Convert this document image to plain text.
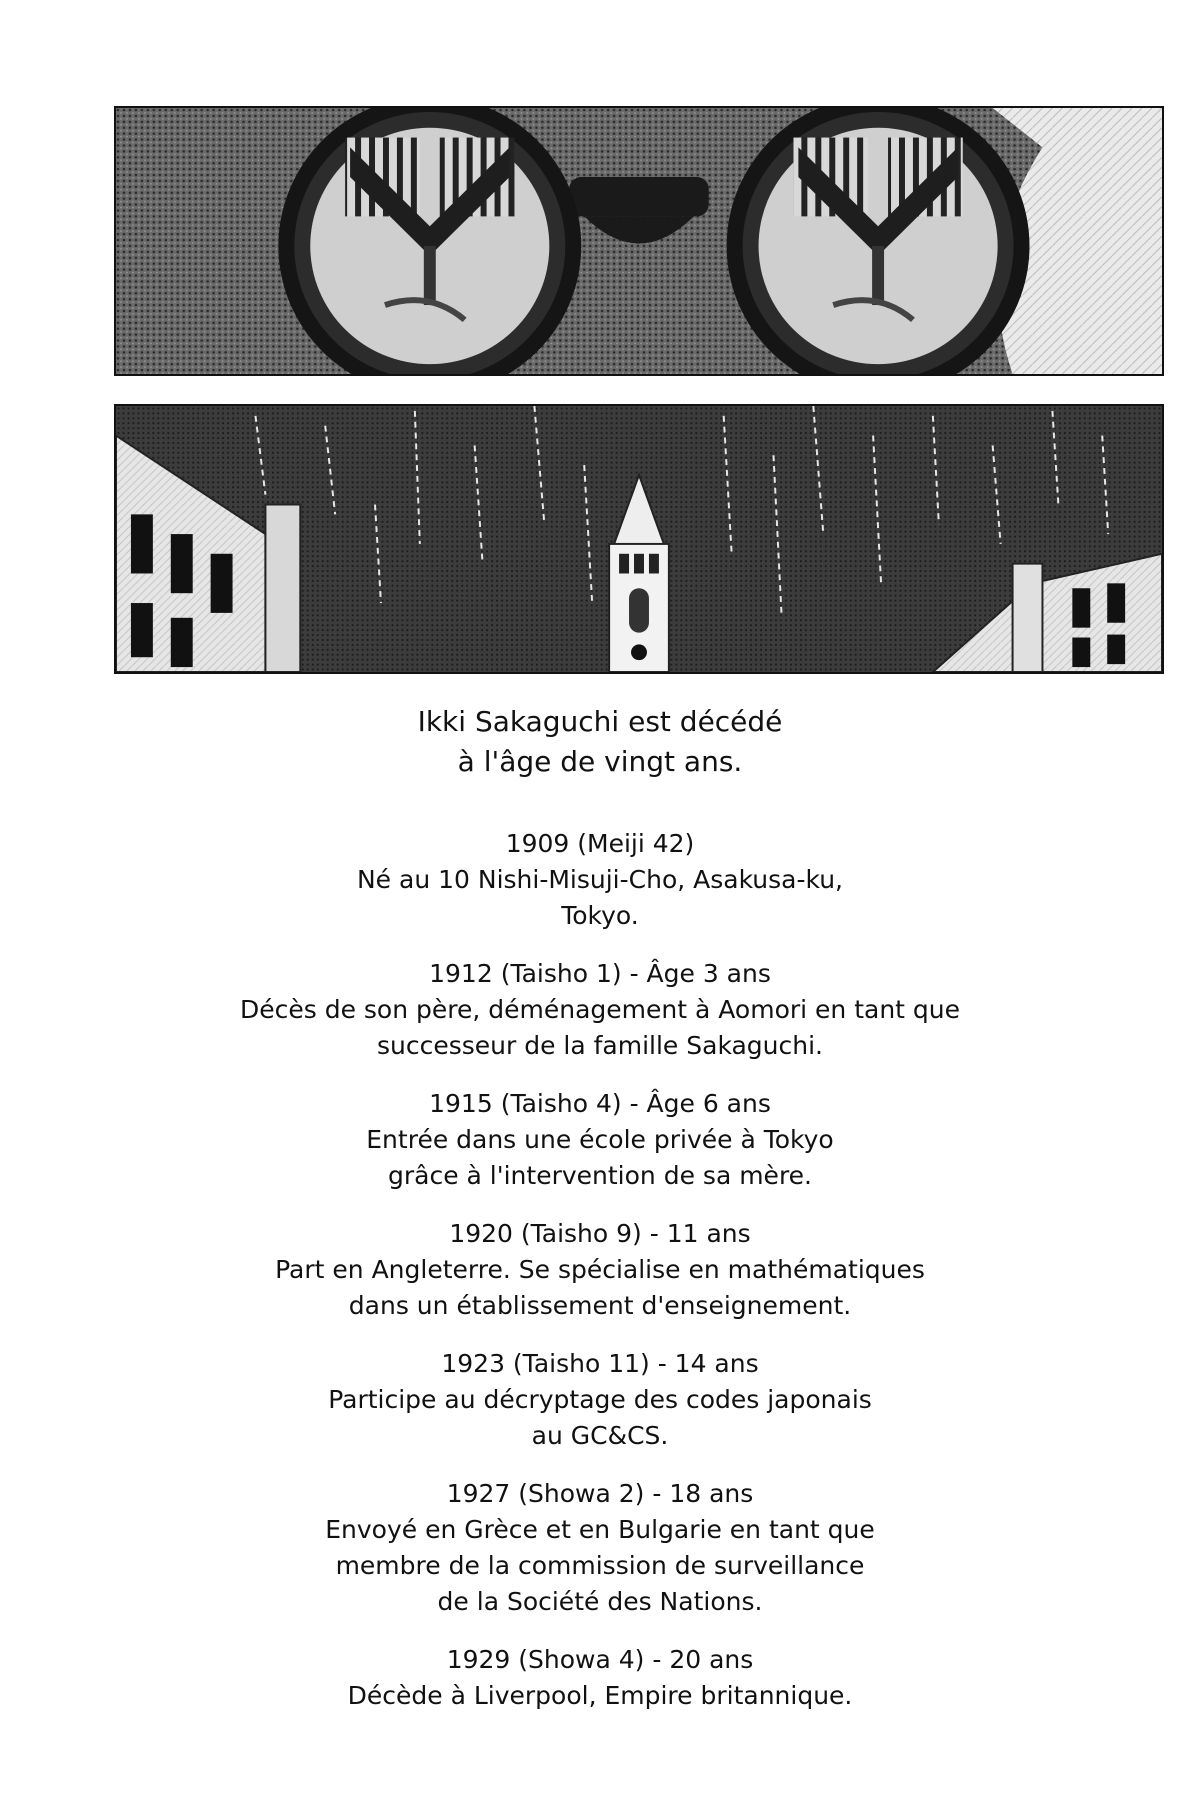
Ikki Sakaguchi est décédé
à l'âge de vingt ans.
1909 (Meiji 42)
Né au 10 Nishi-Misuji-Cho, Asakusa-ku,
Tokyo.
1912 (Taisho 1) - Âge 3 ans
Décès de son père, déménagement à Aomori en tant que
successeur de la famille Sakaguchi.
1915 (Taisho 4) - Âge 6 ans
Entrée dans une école privée à Tokyo
grâce à l'intervention de sa mère.
1920 (Taisho 9) - 11 ans
Part en Angleterre. Se spécialise en mathématiques
dans un établissement d'enseignement.
1923 (Taisho 11) - 14 ans
Participe au décryptage des codes japonais
au GC&CS.
1927 (Showa 2) - 18 ans
Envoyé en Grèce et en Bulgarie en tant que
membre de la commission de surveillance
de la Société des Nations.
1929 (Showa 4) - 20 ans
Décède à Liverpool, Empire britannique.
